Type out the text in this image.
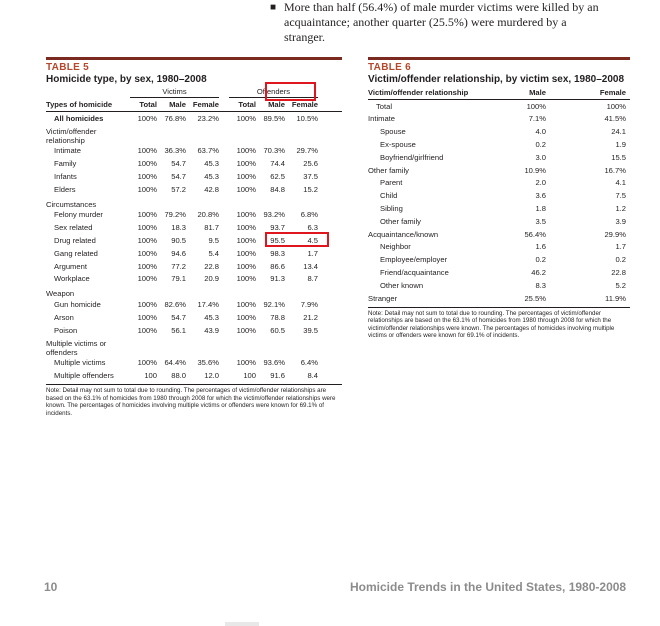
■ More than half (56.4%) of male murder victims were killed by an acquaintance; another quarter (25.5%) were murdered by a stranger.
TABLE 5
Homicide type, by sex, 1980–2008
Victims	Offenders
Types of homicide	Total	Male Female	Total	Male Female
All homicides	100% 76.8%	23.2%	100% 89.5%	10.5%
Victim/offender relationship
Intimate	100% 36.3%	63.7%	100% 70.3%	29.7%
Family	100%	54.7	45.3	100%	74.4	25.6
Infants	100%	54.7	45.3	100%	62.5	37.5
Elders	100%	57.2	42.8	100%	84.8	15.2
Circumstances
Felony murder	100% 79.2%	20.8%	100% 93.2%	6.8%
Sex related	100%	18.3	81.7	100%	93.7	6.3
Drug related	100%	90.5	9.5	100%	95.5	4.5
Gang related	100%	94.6	5.4	100%	98.3	1.7
Argument	100%	77.2	22.8	100%	86.6	13.4
Workplace	100%	79.1	20.9	100%	91.3	8.7
Weapon
Gun homicide	100% 82.6%	17.4%	100% 92.1%	7.9%
Arson	100%	54.7	45.3	100%	78.8	21.2
Poison	100%	56.1	43.9	100%	60.5	39.5
Multiple victims or offenders
Multiple victims	100% 64.4%	35.6%	100% 93.6%	6.4%
Multiple offenders	100	88.0	12.0	100	91.6	8.4
Note: Detail may not sum to total due to rounding. The percentages of victim/offender relationships are based on the 63.1% of homicides from 1980 through 2008 for which the victim/offender relationships were known. The percentages of homicides involving multiple victims or offenders were known for 69.1% of incidents.
TABLE 6
Victim/offender relationship, by victim sex, 1980–2008
Victim/offender relationship	Male	Female
Total	100%	100%
Intimate	7.1%	41.5%
Spouse	4.0	24.1
Ex-spouse	0.2	1.9
Boyfriend/girlfriend	3.0	15.5
Other family	10.9%	16.7%
Parent	2.0	4.1
Child	3.6	7.5
Sibling	1.8	1.2
Other family	3.5	3.9
Acquaintance/known	56.4%	29.9%
Neighbor	1.6	1.7
Employee/employer	0.2	0.2
Friend/acquaintance	46.2	22.8
Other known	8.3	5.2
Stranger	25.5%	11.9%
Note: Detail may not sum to total due to rounding. The percentages of victim/offender relationships are based on the 63.1% of homicides from 1980 through 2008 for which the victim/offender relationships were known. The percentages of homicides involving multiple victims or offenders were known for 69.1% of incidents.
10	Homicide Trends in the United States, 1980-2008
